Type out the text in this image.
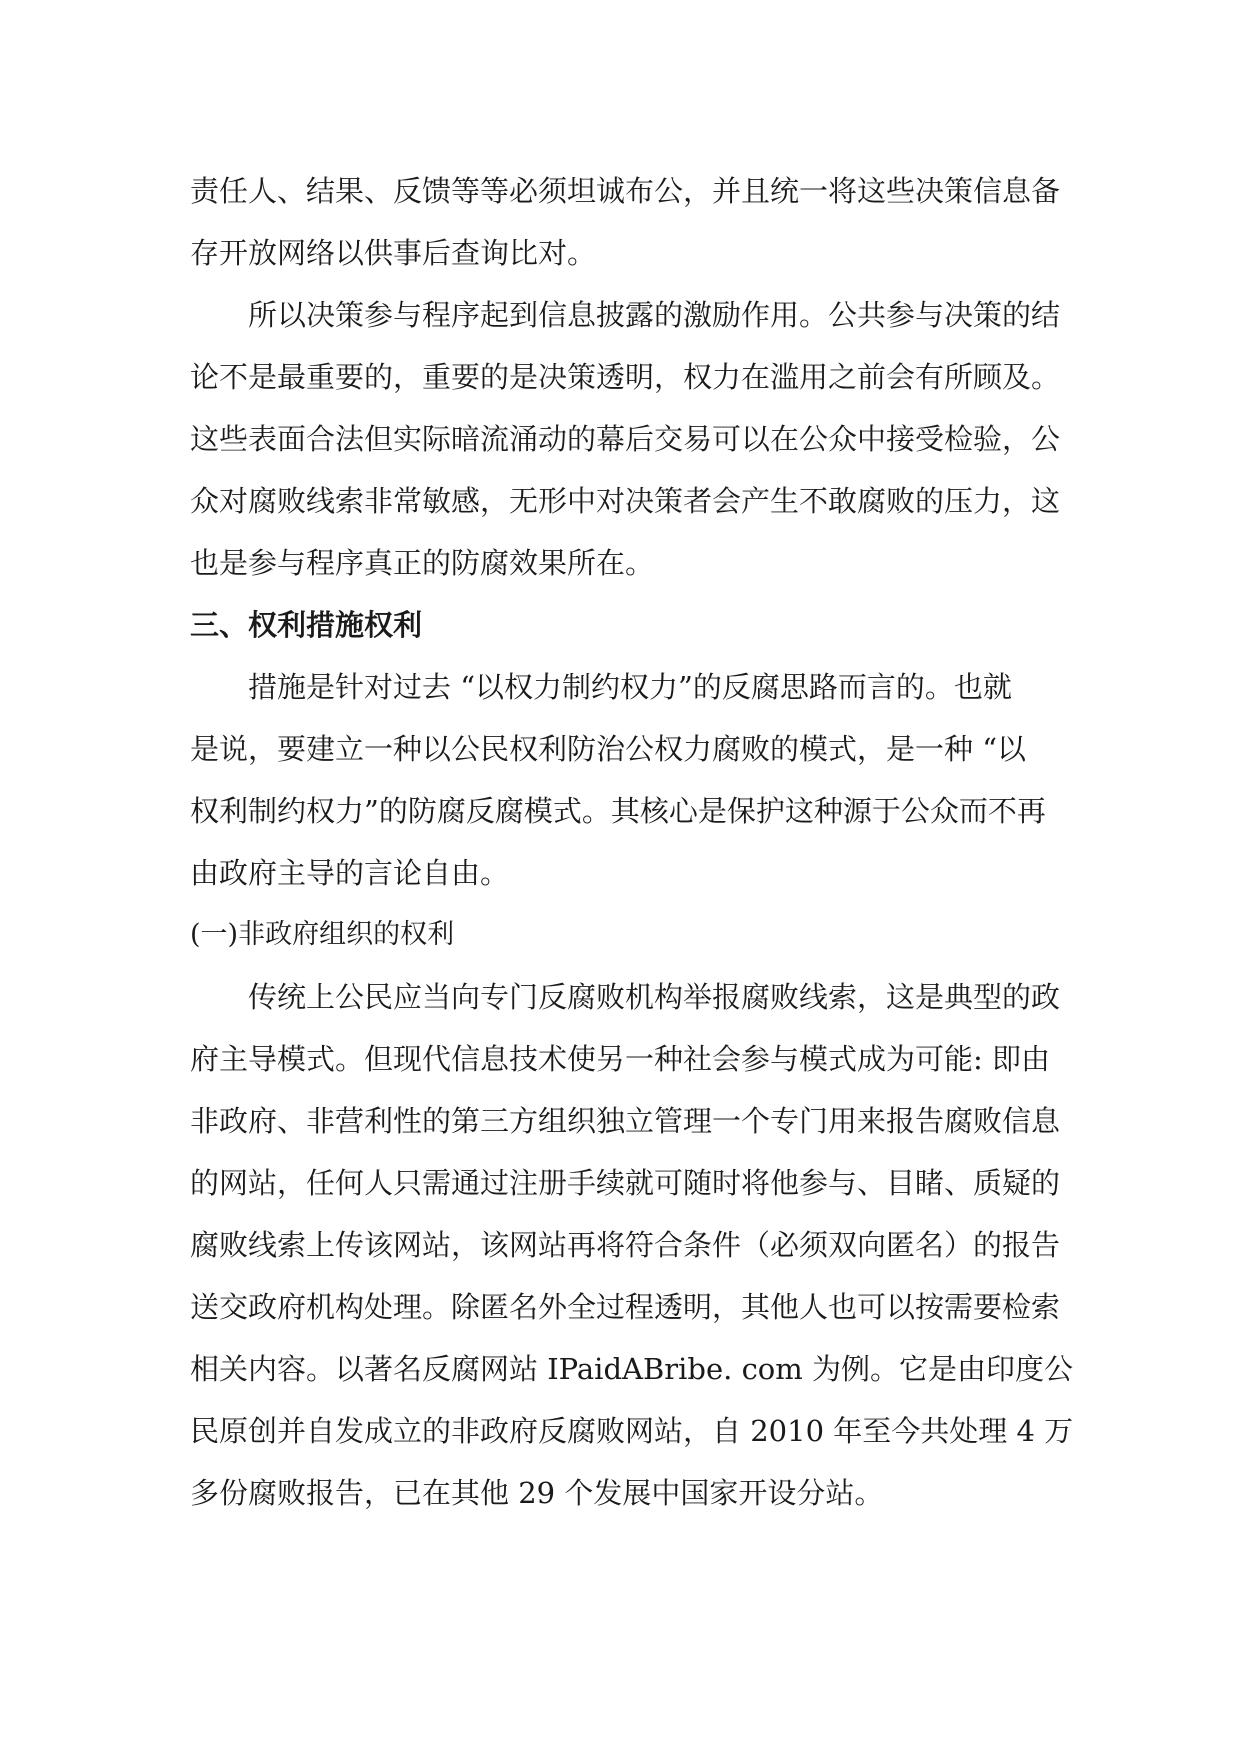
责任人、结果、反馈等等必须坦诚布公，并且统一将这些决策信息备
存开放网络以供事后查询比对。
所以决策参与程序起到信息披露的激励作用。公共参与决策的结
论不是最重要的，重要的是决策透明，权力在滥用之前会有所顾及。
这些表面合法但实际暗流涌动的幕后交易可以在公众中接受检验，公
众对腐败线索非常敏感，无形中对决策者会产生不敢腐败的压力，这
也是参与程序真正的防腐效果所在。
三、权利措施权利
措施是针对过去 “以权力制约权力”的反腐思路而言的。也就
是说，要建立一种以公民权利防治公权力腐败的模式，是一种 “以
权利制约权力”的防腐反腐模式。其核心是保护这种源于公众而不再
由政府主导的言论自由。
(一)非政府组织的权利
传统上公民应当向专门反腐败机构举报腐败线索，这是典型的政
府主导模式。但现代信息技术使另一种社会参与模式成为可能: 即由
非政府、非营利性的第三方组织独立管理一个专门用来报告腐败信息
的网站，任何人只需通过注册手续就可随时将他参与、目睹、质疑的
腐败线索上传该网站，该网站再将符合条件（必须双向匿名）的报告
送交政府机构处理。除匿名外全过程透明，其他人也可以按需要检索
相关内容。以著名反腐网站 IPaidABribe. com 为例。它是由印度公
民原创并自发成立的非政府反腐败网站，自 2010 年至今共处理 4 万
多份腐败报告，已在其他 29 个发展中国家开设分站。
